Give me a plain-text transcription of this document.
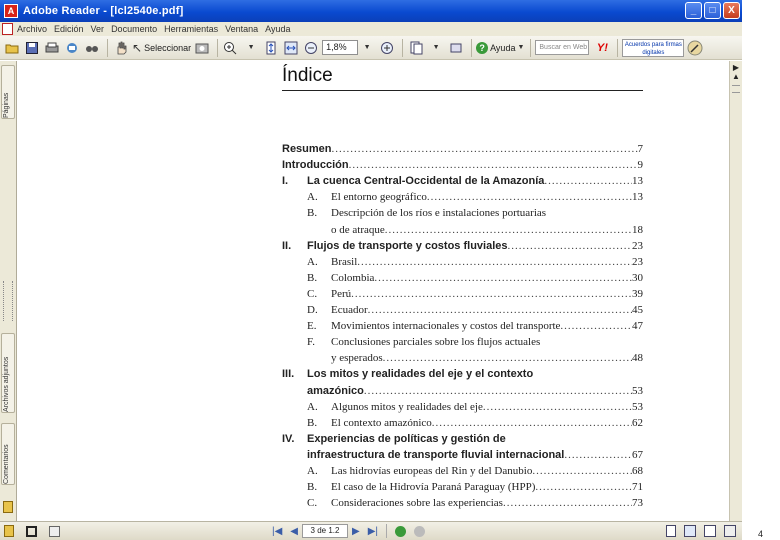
A Adobe Reader - [lcl2540e.pdf]	_	□	X
Archivo Edición Ver Documento Herramientas Ventana Ayuda
↖ Seleccionar	▼	1,8%	▼	▼	? Ayuda ▼	Buscar en Web Y!	Acuerdos para firmas digitales
Páginas
Archivos adjuntos
Comentarios
Índice
Resumen .....	7
Introducción .....	9
I.	La cuenca Central-Occidental de la Amazonía .....	13
A.	El entorno geográfico .....	13
B.	Descripción de los ríos e instalaciones portuarias
o de atraque .....	18
II.	Flujos de transporte y costos fluviales .....	23
A.	Brasil .....	23
B.	Colombia .....	30
C.	Perú .....	39
D.	Ecuador .....	45
E.	Movimientos internacionales y costos del transporte .....	47
F.	Conclusiones parciales sobre los flujos actuales
y esperados .....	48
III.	Los mitos y realidades del eje y el contexto
amazónico .....	53
A.	Algunos mitos y realidades del eje .....	53
B.	El contexto amazónico .....	62
IV.	Experiencias de políticas y gestión de
infraestructura de transporte fluvial internacional .....	67
A.	Las hidrovías europeas del Rin y del Danubio .....	68
B.	El caso de la Hidrovía Paraná Paraguay (HPP) .....	71
C.	Consideraciones sobre las experiencias .....	73
▶
▲
|◀ ◀	3 de 1.2	▶ ▶|	4
